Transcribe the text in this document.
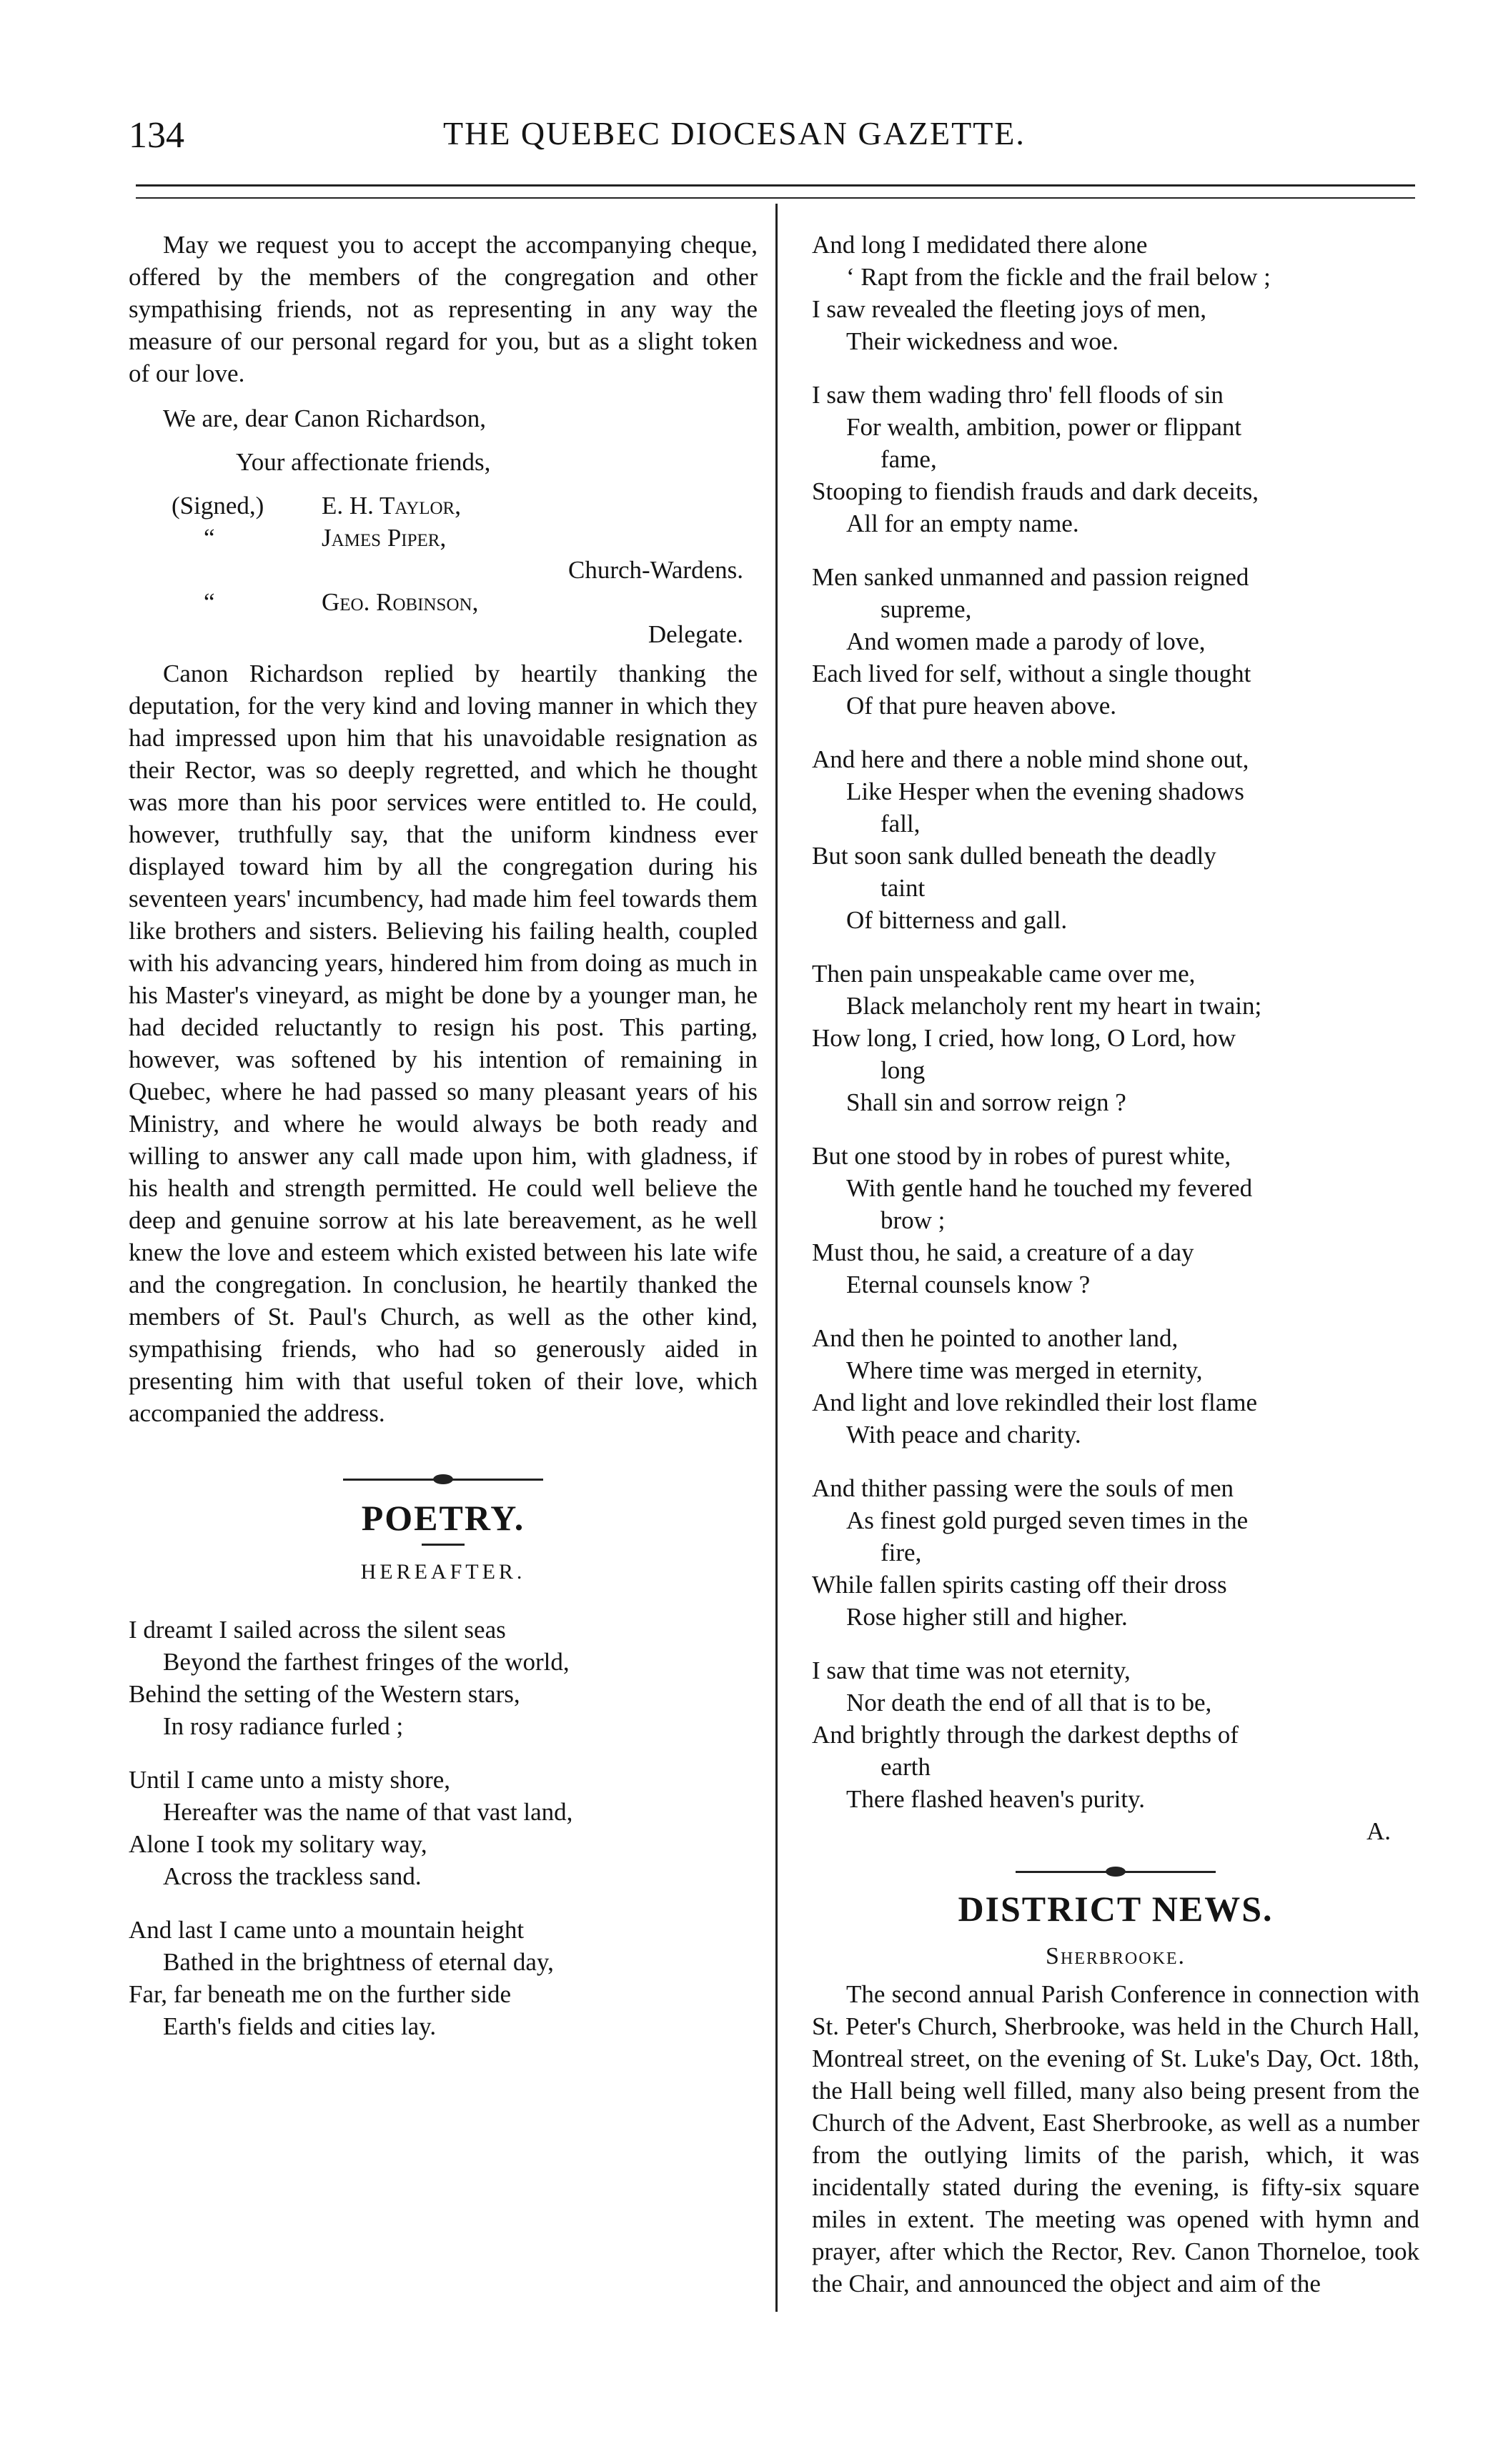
134	THE QUEBEC DIOCESAN GAZETTE.

May we request you to accept the accompanying cheque, offered by the members of the congregation and other sympathising friends, not as representing in any way the measure of our personal regard for you, but as a slight token of our love.

We are, dear Canon Richardson,

Your affectionate friends,

(Signed,) E. H. Taylor,
“	James Piper,

Church-Wardens.

“	Geo. Robinson,

Delegate.

Canon Richardson replied by heartily thanking the deputation, for the very kind and loving manner in which they had impressed upon him that his unavoidable resignation as their Rector, was so deeply regretted, and which he thought was more than his poor services were entitled to. He could, however, truthfully say, that the uniform kindness ever displayed toward him by all the congregation during his seventeen years' incumbency, had made him feel towards them like brothers and sisters. Believing his failing health, coupled with his advancing years, hindered him from doing as much in his Master's vineyard, as might be done by a younger man, he had decided reluctantly to resign his post. This parting, however, was softened by his intention of remaining in Quebec, where he had passed so many pleasant years of his Ministry, and where he would always be both ready and willing to answer any call made upon him, with gladness, if his health and strength permitted. He could well believe the deep and genuine sorrow at his late bereavement, as he well knew the love and esteem which existed between his late wife and the congregation. In conclusion, he heartily thanked the members of St. Paul's Church, as well as the other kind, sympathising friends, who had so generously aided in presenting him with that useful token of their love, which accompanied the address.

POETRY.

HEREAFTER.

I dreamt I sailed across the silent seas
Beyond the farthest fringes of the world,
Behind the setting of the Western stars,
In rosy radiance furled ;
Until I came unto a misty shore,
Hereafter was the name of that vast land,
Alone I took my solitary way,
Across the trackless sand.
And last I came unto a mountain height
Bathed in the brightness of eternal day,
Far, far beneath me on the further side
Earth's fields and cities lay.
And long I medidated there alone
‘ Rapt from the fickle and the frail below ;
I saw revealed the fleeting joys of men,
Their wickedness and woe.
I saw them wading thro' fell floods of sin
For wealth, ambition, power or flippant
fame,
Stooping to fiendish frauds and dark deceits,
All for an empty name.
Men sanked unmanned and passion reigned
supreme,
And women made a parody of love,
Each lived for self, without a single thought
Of that pure heaven above.
And here and there a noble mind shone out,
Like Hesper when the evening shadows
fall,
But soon sank dulled beneath the deadly
taint
Of bitterness and gall.
Then pain unspeakable came over me,
Black melancholy rent my heart in twain;
How long, I cried, how long, O Lord, how
long
Shall sin and sorrow reign ?
But one stood by in robes of purest white,
With gentle hand he touched my fevered
brow ;
Must thou, he said, a creature of a day
Eternal counsels know ?
And then he pointed to another land,
Where time was merged in eternity,
And light and love rekindled their lost flame
With peace and charity.
And thither passing were the souls of men
As finest gold purged seven times in the
fire,
While fallen spirits casting off their dross
Rose higher still and higher.
I saw that time was not eternity,
Nor death the end of all that is to be,
And brightly through the darkest depths of
earth
There flashed heaven's purity.

A.

DISTRICT NEWS.

Sherbrooke.

The second annual Parish Conference in connection with St. Peter's Church, Sherbrooke, was held in the Church Hall, Montreal street, on the evening of St. Luke's Day, Oct. 18th, the Hall being well filled, many also being present from the Church of the Advent, East Sherbrooke, as well as a number from the outlying limits of the parish, which, it was incidentally stated during the evening, is fifty-six square miles in extent. The meeting was opened with hymn and prayer, after which the Rector, Rev. Canon Thorneloe, took the Chair, and announced the object and aim of the
